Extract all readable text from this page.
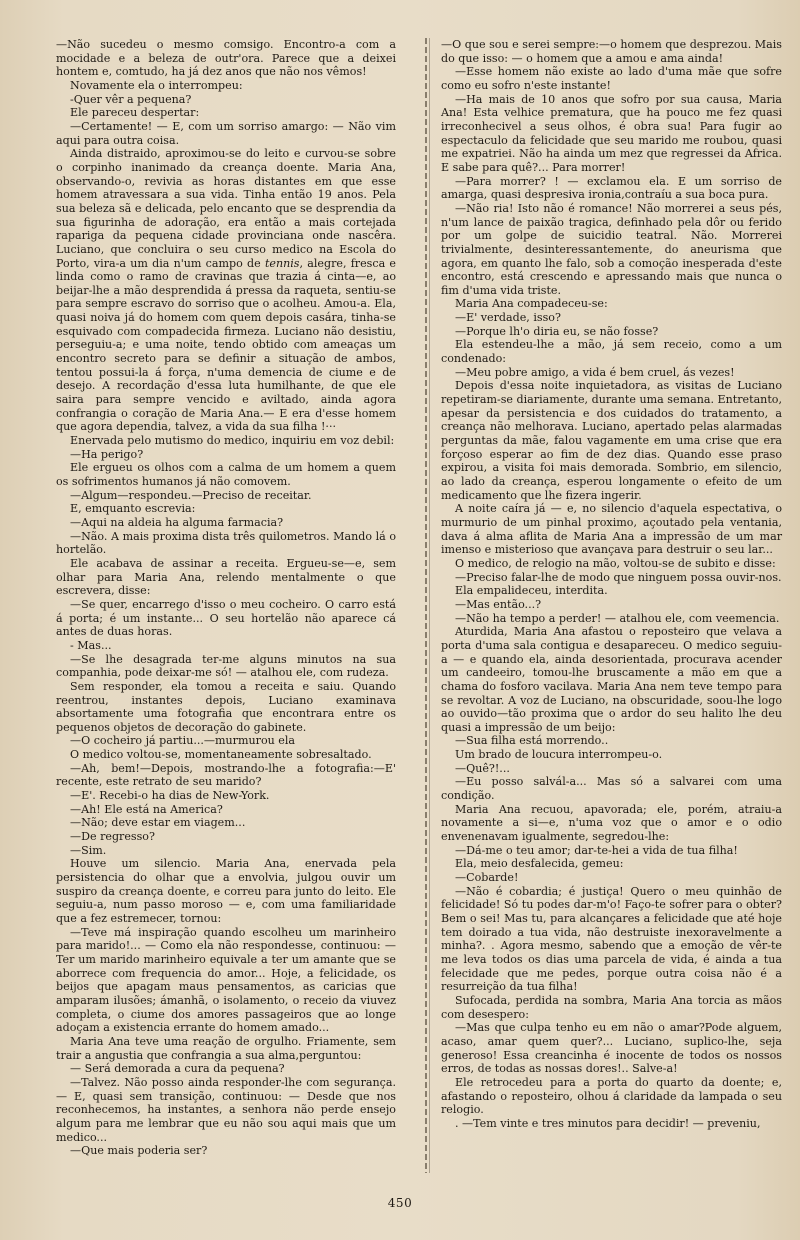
—Não sucedeu o mesmo comsigo. Encontro-a com a mocidade e a beleza de outr'ora. Parece que a deixei hontem e, comtudo, ha já dez anos que não nos vêmos!

Novamente ela o interrompeu:

-Quer vêr a pequena?

Ele pareceu despertar:

—Certamente! — E, com um sorriso amargo: — Não vim aqui para outra coisa.

Ainda distraido, aproximou-se do leito e curvou-se sobre o corpinho inanimado da creança doente. Maria Ana, observando-o, revivia as horas distantes em que esse homem atravessara a sua vida. Tinha então 19 anos. Pela sua beleza sã e delicada, pelo encanto que se desprendia da sua figurinha de adoração, era então a mais cortejada rapariga da pequena cidade provinciana onde nascêra. Luciano, que concluira o seu curso medico na Escola do Porto, vira-a um dia n'um campo de tennis, alegre, fresca e linda como o ramo de cravinas que trazia á cinta—e, ao beijar-lhe a mão desprendida á pressa da raqueta, sentiu-se para sempre escravo do sorriso que o acolheu. Amou-a. Ela, quasi noiva já do homem com quem depois casára, tinha-se esquivado com compadecida firmeza. Luciano não desistiu, perseguiu-a; e uma noite, tendo obtido com ameaças um encontro secreto para se definir a situação de ambos, tentou possui-la á força, n'uma demencia de ciume e de desejo. A recordação d'essa luta humilhante, de que ele saira para sempre vencido e aviltado, ainda agora confrangia o coração de Maria Ana.— E era d'esse homem que agora dependia, talvez, a vida da sua filha !···

Enervada pelo mutismo do medico, inquiriu em voz debil:

—Ha perigo?

Ele ergueu os olhos com a calma de um homem a quem os sofrimentos humanos já não comovem.

—Algum—respondeu.—Preciso de receitar.

E, emquanto escrevia:

—Aqui na aldeia ha alguma farmacia?

—Não. A mais proxima dista três quilometros. Mando lá o hortelão.

Ele acabava de assinar a receita. Ergueu-se—e, sem olhar para Maria Ana, relendo mentalmente o que escrevera, disse:

—Se quer, encarrego d'isso o meu cocheiro. O carro está á porta; é um instante... O seu hortelão não aparece cá antes de duas horas.

- Mas...

—Se lhe desagrada ter-me alguns minutos na sua companhia, pode deixar-me só! — atalhou ele, com rudeza.

Sem responder, ela tomou a receita e saiu. Quando reentrou, instantes depois, Luciano examinava absortamente uma fotografia que encontrara entre os pequenos objetos de decoração do gabinete.

—O cocheiro já partiu...—murmurou ela

O medico voltou-se, momentaneamente sobresaltado.

—Ah, bem!—Depois, mostrando-lhe a fotografia:—E' recente, este retrato de seu marido?

—E'. Recebi-o ha dias de New-York.

—Ah! Ele está na America?

—Não; deve estar em viagem...

—De regresso?

—Sim.

Houve um silencio. Maria Ana, enervada pela persistencia do olhar que a envolvia, julgou ouvir um suspiro da creança doente, e correu para junto do leito. Ele seguiu-a, num passo moroso — e, com uma familiaridade que a fez estremecer, tornou:

—Teve má inspiração quando escolheu um marinheiro para marido!... — Como ela não respondesse, continuou: — Ter um marido marinheiro equivale a ter um amante que se aborrece com frequencia do amor... Hoje, a felicidade, os beijos que apagam maus pensamentos, as caricias que amparam ilusões; ámanhã, o isolamento, o receio da viuvez completa, o ciume dos amores passageiros que ao longe adoçam a existencia errante do homem amado...

Maria Ana teve uma reação de orgulho. Friamente, sem trair a angustia que confrangia a sua alma,perguntou:

— Será demorada a cura da pequena?

—Talvez. Não posso ainda responder-lhe com segurança. — E, quasi sem transição, continuou: — Desde que nos reconhecemos, ha instantes, a senhora não perde ensejo algum para me lembrar que eu não sou aqui mais que um medico...

—Que mais poderia ser?

—O que sou e serei sempre:—o homem que desprezou. Mais do que isso: — o homem que a amou e ama ainda!

—Esse homem não existe ao lado d'uma mãe que sofre como eu sofro n'este instante!

—Ha mais de 10 anos que sofro por sua causa, Maria Ana! Esta velhice prematura, que ha pouco me fez quasi irreconhecivel a seus olhos, é obra sua! Para fugir ao espectaculo da felicidade que seu marido me roubou, quasi me expatriei. Não ha ainda um mez que regressei da Africa. E sabe para quê?... Para morrer!

—Para morrer? ! — exclamou ela. E um sorriso de amarga, quasi despresiva ironia,contraíu a sua boca pura.

—Não ria! Isto não é romance! Não morrerei a seus pés, n'um lance de paixão tragica, definhado pela dôr ou ferido por um golpe de suicidio teatral. Não. Morrerei trivialmente, desinteressantemente, do aneurisma que agora, em quanto lhe falo, sob a comoção inesperada d'este encontro, está crescendo e apressando mais que nunca o fim d'uma vida triste.

Maria Ana compadeceu-se:

—E' verdade, isso?

—Porque lh'o diria eu, se não fosse?

Ela estendeu-lhe a mão, já sem receio, como a um condenado:

—Meu pobre amigo, a vida é bem cruel, ás vezes!

Depois d'essa noite inquietadora, as visitas de Luciano repetiram-se diariamente, durante uma semana. Entretanto, apesar da persistencia e dos cuidados do tratamento, a creança não melhorava. Luciano, apertado pelas alarmadas perguntas da mãe, falou vagamente em uma crise que era forçoso esperar ao fim de dez dias. Quando esse praso expirou, a visita foi mais demorada. Sombrio, em silencio, ao lado da creança, esperou longamente o efeito de um medicamento que lhe fizera ingerir.

A noite caíra já — e, no silencio d'aquela espectativa, o murmurio de um pinhal proximo, açoutado pela ventania, dava á alma aflita de Maria Ana a impressão de um mar imenso e misterioso que avançava para destruir o seu lar...

O medico, de relogio na mão, voltou-se de subito e disse:

—Preciso falar-lhe de modo que ninguem possa ouvir-nos.

Ela empalideceu, interdita.

—Mas então...?

—Não ha tempo a perder! — atalhou ele, com veemencia.

Aturdida, Maria Ana afastou o reposteiro que velava a porta d'uma sala contigua e desapareceu. O medico seguiu-a — e quando ela, ainda desorientada, procurava acender um candeeiro, tomou-lhe bruscamente a mão em que a chama do fosforo vacilava. Maria Ana nem teve tempo para se revoltar. A voz de Luciano, na obscuridade, soou-lhe logo ao ouvido—tão proxima que o ardor do seu halito lhe deu quasi a impressão de um beijo:

—Sua filha está morrendo..

Um brado de loucura interrompeu-o.

—Quê?!...

—Eu posso salvál-a... Mas só a salvarei com uma condição.

Maria Ana recuou, apavorada; ele, porém, atraiu-a novamente a si—e, n'uma voz que o amor e o odio envenenavam igualmente, segredou-lhe:

—Dá-me o teu amor; dar-te-hei a vida de tua filha!

Ela, meio desfalecida, gemeu:

—Cobarde!

—Não é cobardia; é justiça! Quero o meu quinhão de felicidade! Só tu podes dar-m'o! Faço-te sofrer para o obter? Bem o sei! Mas tu, para alcançares a felicidade que até hoje tem doirado a tua vida, não destruiste inexoravelmente a minha?. . Agora mesmo, sabendo que a emoção de vêr-te me leva todos os dias uma parcela de vida, é ainda a tua felecidade que me pedes, porque outra coisa não é a resurreição da tua filha!

Sufocada, perdida na sombra, Maria Ana torcia as mãos com desespero:

—Mas que culpa tenho eu em não o amar?Pode alguem, acaso, amar quem quer?... Luciano, suplico-lhe, seja generoso! Essa creancinha é inocente de todos os nossos erros, de todas as nossas dores!.. Salve-a!

Ele retrocedeu para a porta do quarto da doente; e, afastando o reposteiro, olhou á claridade da lampada o seu relogio.

. —Tem vinte e tres minutos para decidir! — preveniu,

450
